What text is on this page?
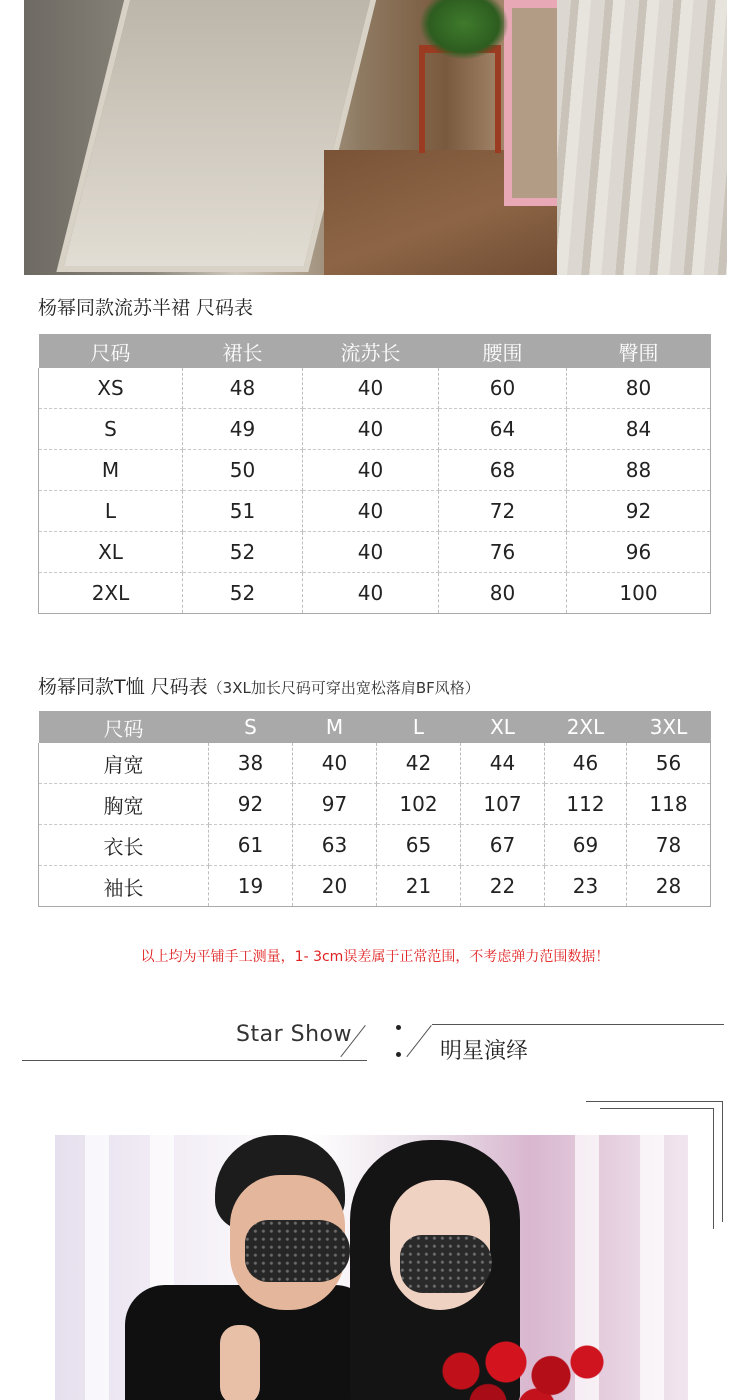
杨幂同款流苏半裙 尺码表
尺码	裙长	流苏长	腰围	臀围
XS	48	40	60	80
S	49	40	64	84
M	50	40	68	88
L	51	40	72	92
XL	52	40	76	96
2XL	52	40	80	100
杨幂同款T恤 尺码表（3XL加长尺码可穿出宽松落肩BF风格）
尺码	S	M	L	XL	2XL	3XL
肩宽	38	40	42	44	46	56
胸宽	92	97	102	107	112	118
衣长	61	63	65	67	69	78
袖长	19	20	21	22	23	28
以上均为平铺手工测量，1- 3cm误差属于正常范围，不考虑弹力范围数据！
Star Show
明星演绎
